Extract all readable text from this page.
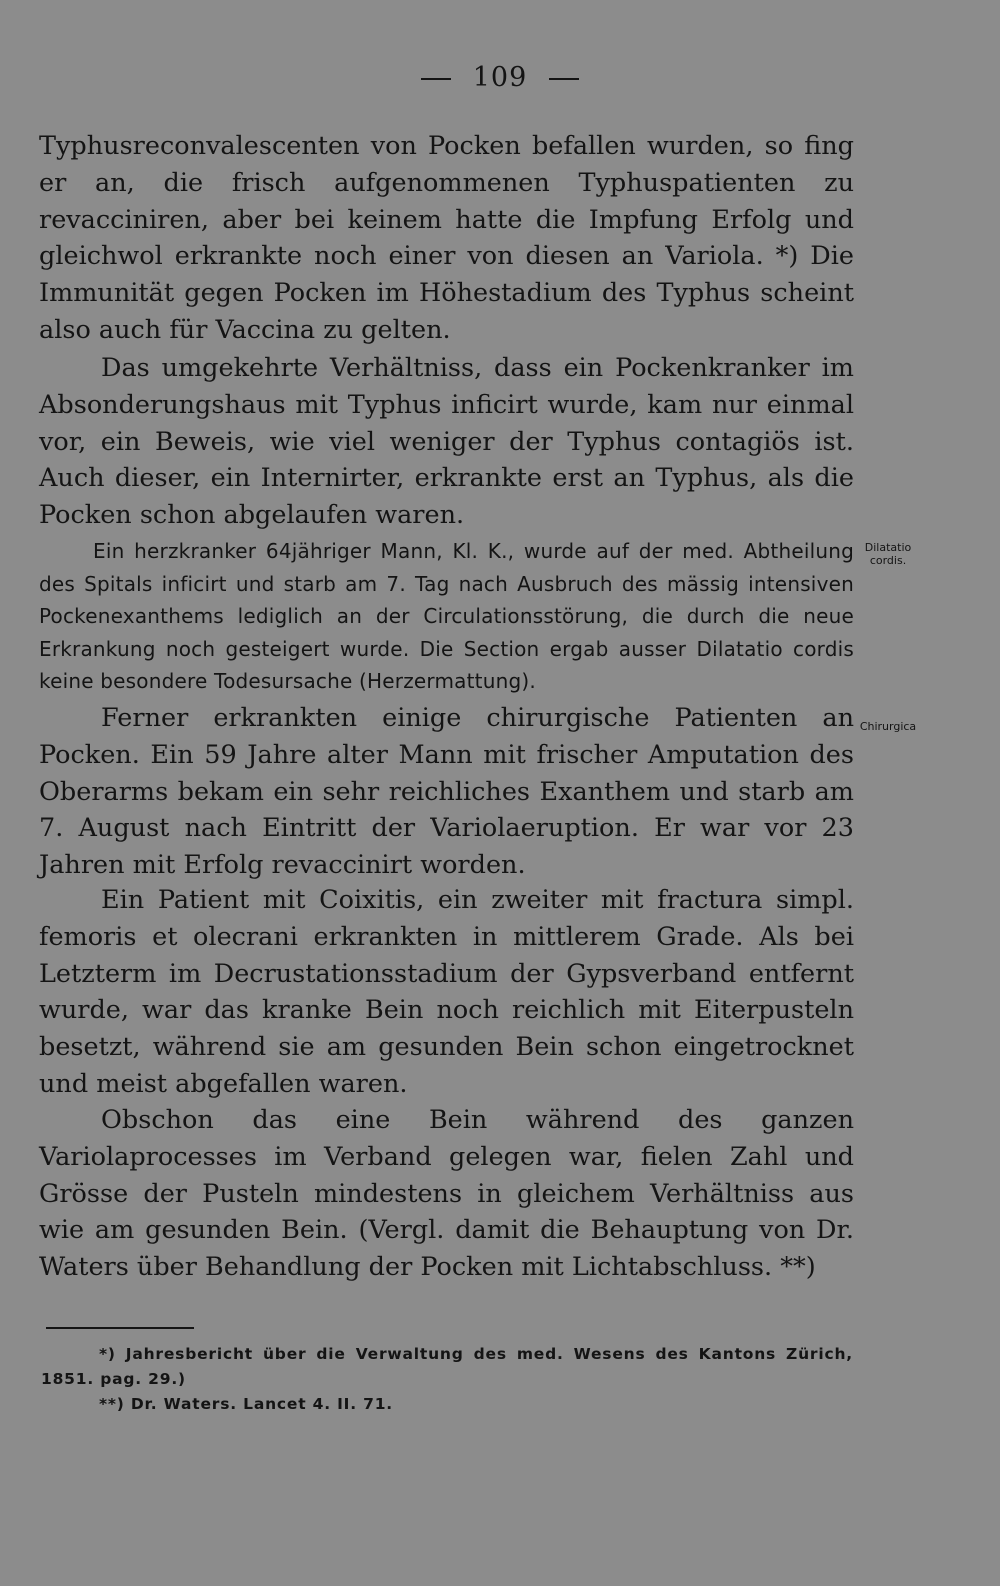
109

Typhusreconvalescenten von Pocken befallen wurden, so fing er an, die frisch aufgenommenen Typhuspatienten zu revacciniren, aber bei keinem hatte die Impfung Erfolg und gleichwol erkrankte noch einer von diesen an Variola. *) Die Immunität gegen Pocken im Höhestadium des Typhus scheint also auch für Vaccina zu gelten.

Das umgekehrte Verhältniss, dass ein Pockenkranker im Absonderungshaus mit Typhus inficirt wurde, kam nur einmal vor, ein Beweis, wie viel weniger der Typhus contagiös ist. Auch dieser, ein Internirter, erkrankte erst an Typhus, als die Pocken schon abgelaufen waren.

Ein herzkranker 64jähriger Mann, Kl. K., wurde auf der med. Abtheilung des Spitals inficirt und starb am 7. Tag nach Ausbruch des mässig intensiven Pockenexanthems lediglich an der Circulationsstörung, die durch die neue Erkrankung noch gesteigert wurde. Die Section ergab ausser Dilatatio cordis keine besondere Todesursache (Herzermattung).

Dilatatio cordis.

Ferner erkrankten einige chirurgische Patienten an Pocken. Ein 59 Jahre alter Mann mit frischer Amputation des Oberarms bekam ein sehr reichliches Exanthem und starb am 7. August nach Eintritt der Variolaeruption. Er war vor 23 Jahren mit Erfolg revaccinirt worden.

Chirurgica

Ein Patient mit Coixitis, ein zweiter mit fractura simpl. femoris et olecrani erkrankten in mittlerem Grade. Als bei Letzterm im Decrustationsstadium der Gypsverband entfernt wurde, war das kranke Bein noch reichlich mit Eiterpusteln besetzt, während sie am gesunden Bein schon eingetrocknet und meist abgefallen waren.

Obschon das eine Bein während des ganzen Variolaprocesses im Verband gelegen war, fielen Zahl und Grösse der Pusteln mindestens in gleichem Verhältniss aus wie am gesunden Bein. (Vergl. damit die Behauptung von Dr. Waters über Behandlung der Pocken mit Lichtabschluss. **)

*) Jahresbericht über die Verwaltung des med. Wesens des Kantons Zürich, 1851. pag. 29.)

**) Dr. Waters. Lancet 4. II. 71.
